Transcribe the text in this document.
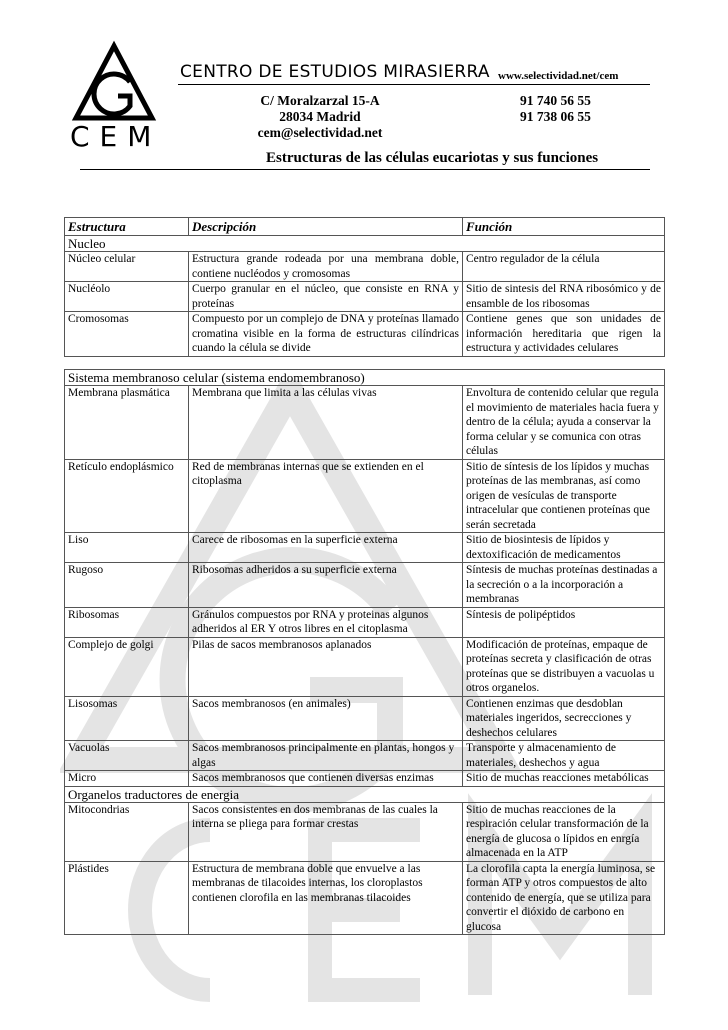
CEM
CENTRO DE ESTUDIOS MIRASIERRA www.selectividad.net/cem
C/ Moralzarzal 15-A
28034 Madrid
cem@selectividad.net
91 740 56 55
91 738 06 55
Estructuras de las células eucariotas y sus funciones
Estructura	Descripción	Función
Nucleo		
Núcleo celular	Estructura grande rodeada por una membrana doble, contiene nucléodos y cromosomas	Centro regulador de la célula
Nucléolo	Cuerpo granular en el núcleo, que consiste en RNA y proteínas	Sitio de sintesis del RNA ribosómico y de ensamble de los ribosomas
Cromosomas	Compuesto por un complejo de DNA y proteínas llamado cromatina visible en la forma de estructuras cilíndricas cuando la célula se divide	Contiene genes que son unidades de información hereditaria que rigen la estructura y actividades celulares
Sistema membranoso celular (sistema endomembranoso)		
Membrana plasmática	Membrana que limita a las células vivas	Envoltura de contenido celular que regula el movimiento de materiales hacia fuera y dentro de la célula; ayuda a conservar la forma celular y se comunica con otras células
Retículo endoplásmico	Red de membranas internas que se extienden en el citoplasma	Sitio de síntesis de los lípidos y muchas proteínas de las membranas, así como origen de vesículas de transporte intracelular que contienen proteínas que serán secretada
Liso	Carece de ribosomas en la superficie externa	Sitio de biosintesis de lípidos y dextoxificación de medicamentos
Rugoso	Ribosomas adheridos a su superficie externa	Síntesis de muchas proteínas destinadas a la secreción o a la incorporación a membranas
Ribosomas	Gránulos compuestos por RNA y proteinas algunos adheridos al ER Y otros libres en el citoplasma	Síntesis de polipéptidos
Complejo de golgi	Pilas de sacos membranosos aplanados	Modificación de proteínas, empaque de proteínas secreta y clasificación de otras proteínas que se distribuyen a vacuolas u otros organelos.
Lisosomas	Sacos membranosos (en animales)	Contienen enzimas que desdoblan materiales ingeridos, secrecciones y deshechos celulares
Vacuolas	Sacos membranosos principalmente en plantas, hongos y algas	Transporte y almacenamiento de materiales, deshechos y agua
Micro	Sacos membranosos que contienen diversas enzimas	Sitio de muchas reacciones metabólicas
Organelos traductores de energia		
Mitocondrias	Sacos consistentes en dos membranas de las cuales la interna se pliega para formar crestas	Sitio de muchas reacciones de la respiración celular transformación de la energía de glucosa o lípidos en enrgía almacenada en la ATP
Plástides	Estructura de membrana doble que envuelve a las membranas de tilacoides internas, los cloroplastos contienen clorofila en las membranas tilacoides	La clorofila capta la energía luminosa, se forman ATP y otros compuestos de alto contenido de energía, que se utiliza para convertir el dióxido de carbono en glucosa
